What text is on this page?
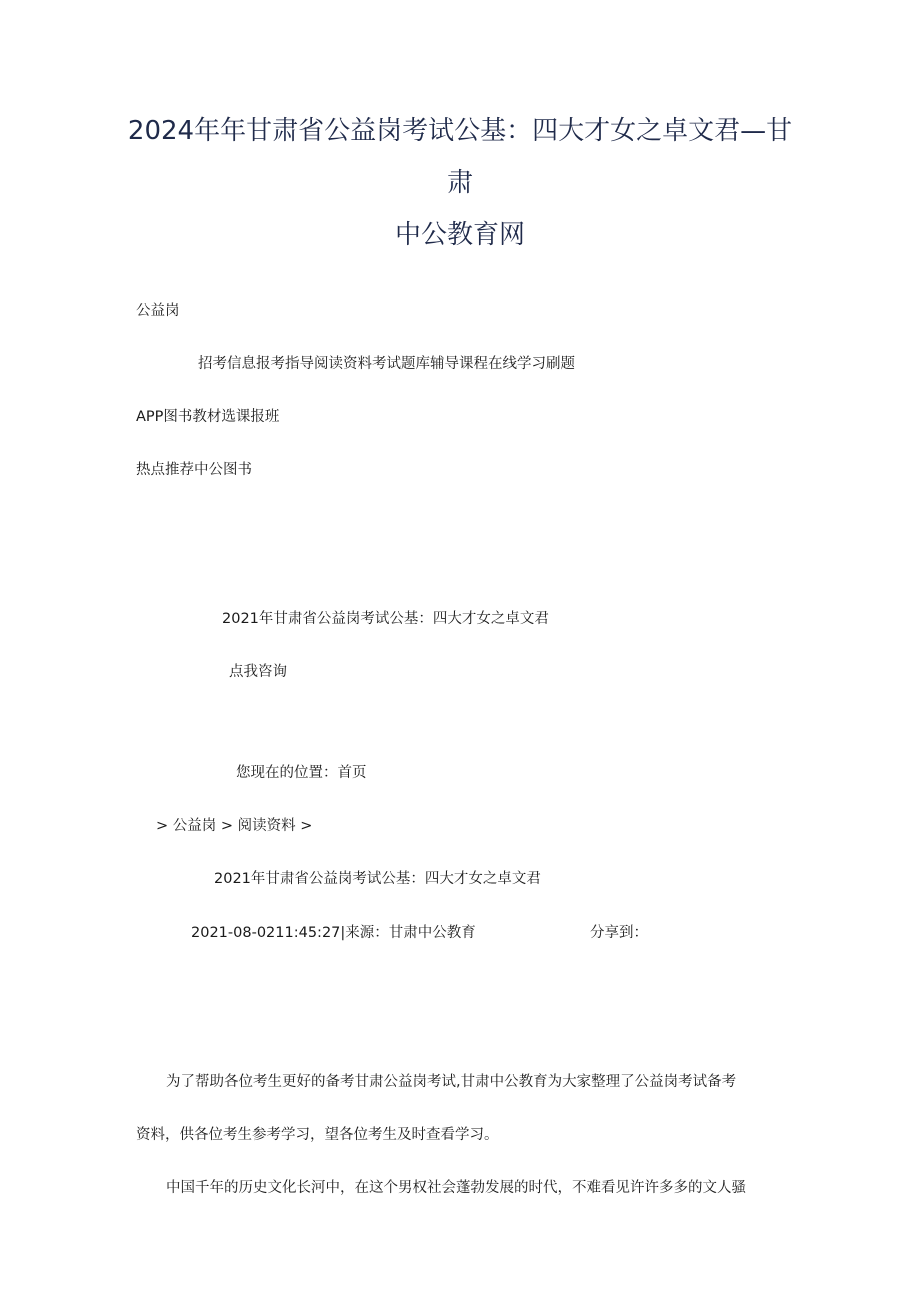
2024年年甘肃省公益岗考试公基：四大才女之卓文君—甘
肃
中公教育网
公益岗
招考信息报考指导阅读资料考试题库辅导课程在线学习刷题
APP图书教材选课报班
热点推荐中公图书
2021年甘肃省公益岗考试公基：四大才女之卓文君
点我咨询
您现在的位置：首页
> 公益岗 > 阅读资料 >
2021年甘肃省公益岗考试公基：四大才女之卓文君
2021-08-0211:45:27|来源：甘肃中公教育	分享到：
为了帮助各位考生更好的备考甘肃公益岗考试,甘肃中公教育为大家整理了公益岗考试备考
资料，供各位考生参考学习，望各位考生及时查看学习。
中国千年的历史文化长河中，在这个男权社会蓬勃发展的时代，不难看见许许多多的文人骚
